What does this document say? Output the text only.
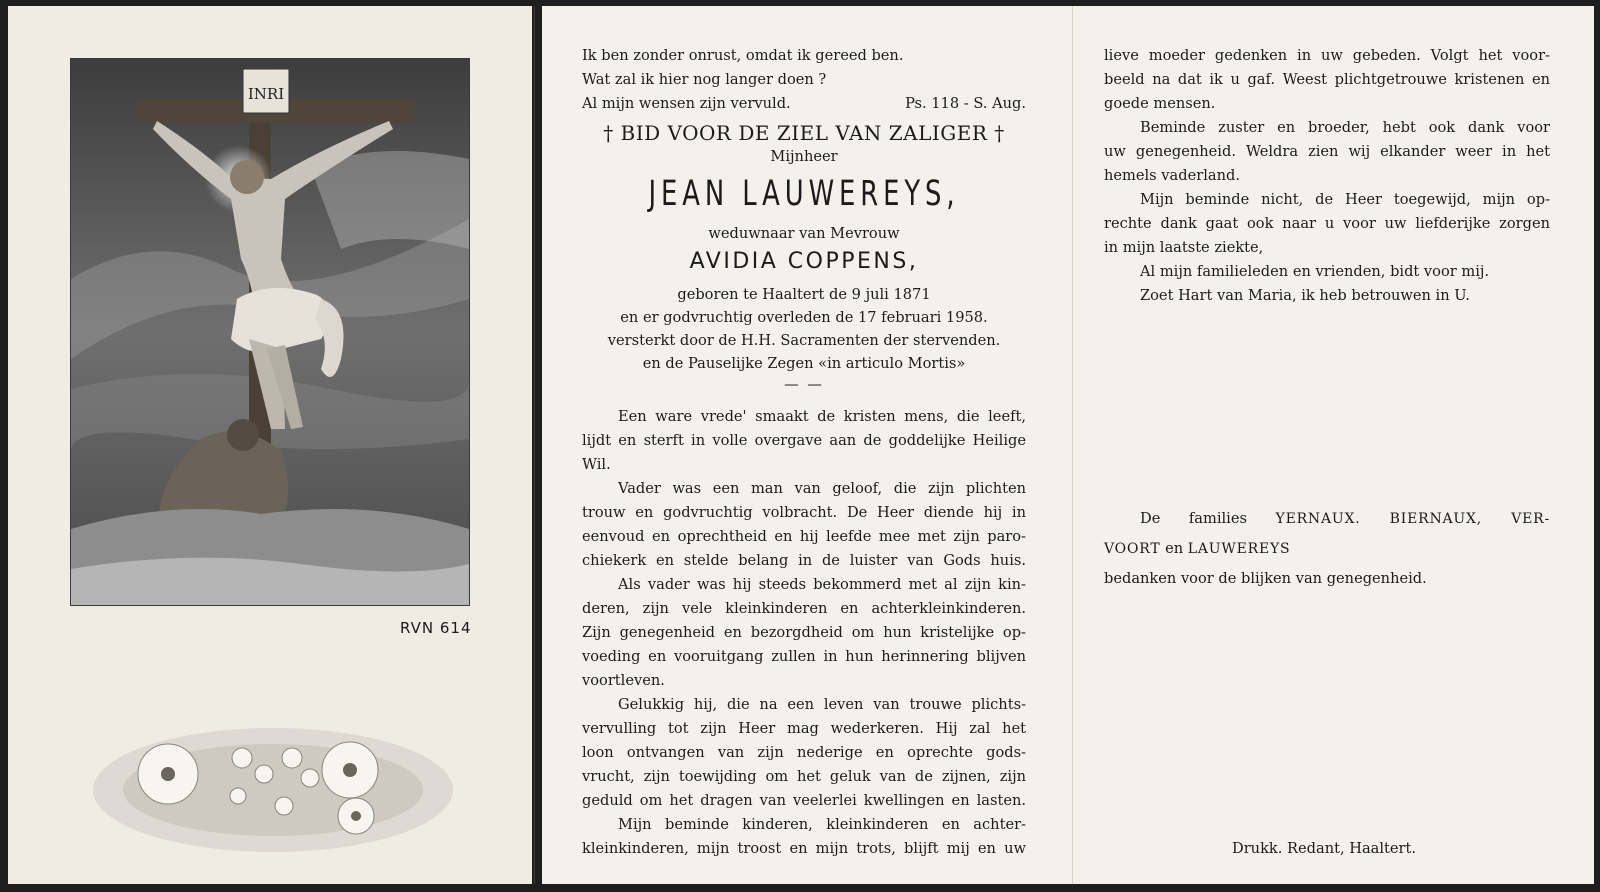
INRI
RVN 614
Ik ben zonder onrust, omdat ik gereed ben.
Wat zal ik hier nog langer doen ?
Al mijn wensen zijn vervuld.	Ps. 118 - S. Aug.
† BID VOOR DE ZIEL VAN ZALIGER †
Mijnheer
JEAN LAUWEREYS,
weduwnaar van Mevrouw
AVIDIA COPPENS,
geboren te Haaltert de 9 juli 1871
en er godvruchtig overleden de 17 februari 1958.
versterkt door de H.H. Sacramenten der stervenden.
en de Pauselijke Zegen «in articulo Mortis»
— —
Een ware vrede' smaakt de kristen mens, die leeft,
lijdt en sterft in volle overgave aan de goddelijke Heilige
Wil.
Vader was een man van geloof, die zijn plichten
trouw en godvruchtig volbracht. De Heer diende hij in
eenvoud en oprechtheid en hij leefde mee met zijn paro-
chiekerk en stelde belang in de luister van Gods huis.
Als vader was hij steeds bekommerd met al zijn kin-
deren, zijn vele kleinkinderen en achterkleinkinderen.
Zijn genegenheid en bezorgdheid om hun kristelijke op-
voeding en vooruitgang zullen in hun herinnering blijven
voortleven.
Gelukkig hij, die na een leven van trouwe plichts-
vervulling tot zijn Heer mag wederkeren. Hij zal het
loon ontvangen van zijn nederige en oprechte gods-
vrucht, zijn toewijding om het geluk van de zijnen, zijn
geduld om het dragen van veelerlei kwellingen en lasten.
Mijn beminde kinderen, kleinkinderen en achter-
kleinkinderen, mijn troost en mijn trots, blijft mij en uw
lieve moeder gedenken in uw gebeden. Volgt het voor-
beeld na dat ik u gaf. Weest plichtgetrouwe kristenen en
goede mensen.
Beminde zuster en broeder, hebt ook dank voor
uw genegenheid. Weldra zien wij elkander weer in het
hemels vaderland.
Mijn beminde nicht, de Heer toegewijd, mijn op-
rechte dank gaat ook naar u voor uw liefderijke zorgen
in mijn laatste ziekte,
Al mijn familieleden en vrienden, bidt voor mij.
Zoet Hart van Maria, ik heb betrouwen in U.
De families YERNAUX. BIERNAUX, VER-
VOORT en LAUWEREYS
bedanken voor de blijken van genegenheid.
Drukk. Redant, Haaltert.
